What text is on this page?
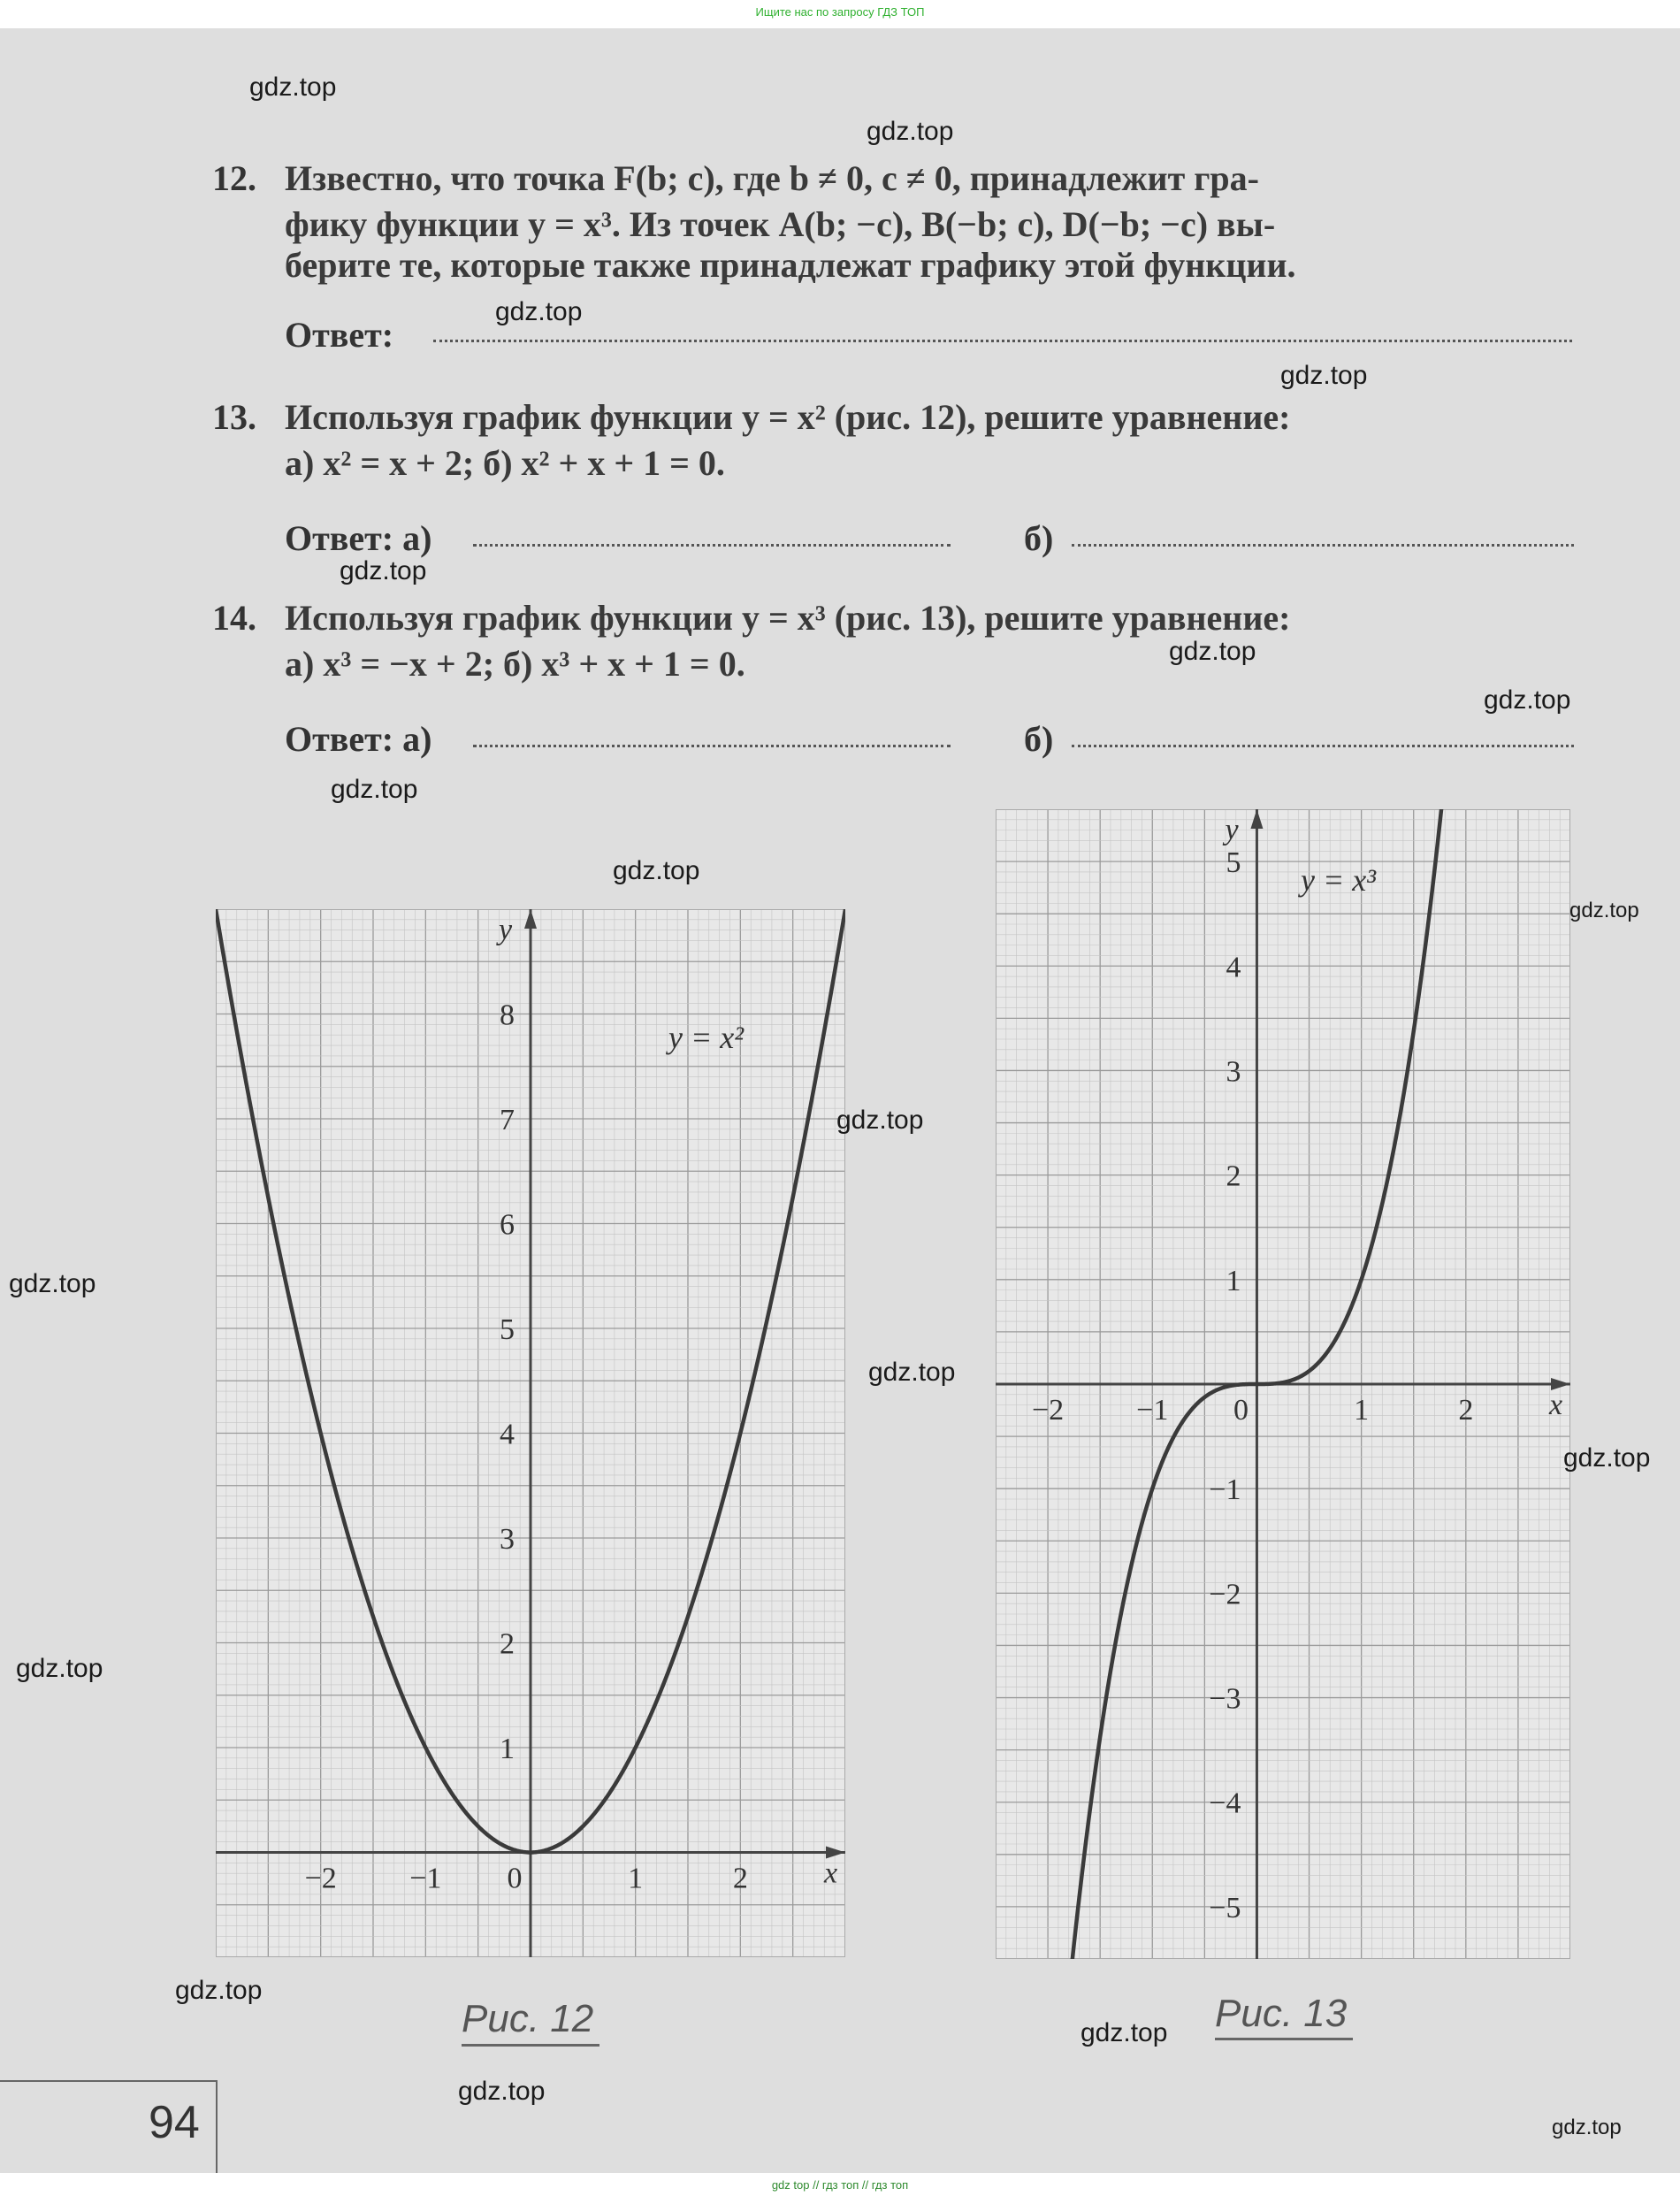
Ищите нас по запросу ГДЗ ТОП
12. Известно, что точка F(b; c), где b ≠ 0, c ≠ 0, принадлежит гра-
фику функции y = x³. Из точек A(b; −c), B(−b; c), D(−b; −c) вы-
берите те, которые также принадлежат графику этой функции.
Ответ:
13. Используя график функции y = x² (рис. 12), решите уравнение:
а) x² = x + 2; б) x² + x + 1 = 0.
Ответ: а)	б)
14. Используя график функции y = x³ (рис. 13), решите уравнение:
а) x³ = −x + 2; б) x³ + x + 1 = 0.
Ответ: а)	б)
−2 −1 0	1	2
1
2
3
4
5
6
7
8
x
y
y = x²
−2 −1 0	1	2
−5
−4
−3
−2
−1
1
2
3
4
5
x
y
y = x³
Рис. 12	Рис. 13
94
gdz.top
gdz.top
gdz.top
gdz.top
gdz.top
gdz.top
gdz.top
gdz.top
gdz.top
gdz.top
gdz.top
gdz.top
gdz.top
gdz.top
gdz.top
gdz.top
gdz.top
gdz.top
gdz.top
gdz top // гдз топ // гдз топ
